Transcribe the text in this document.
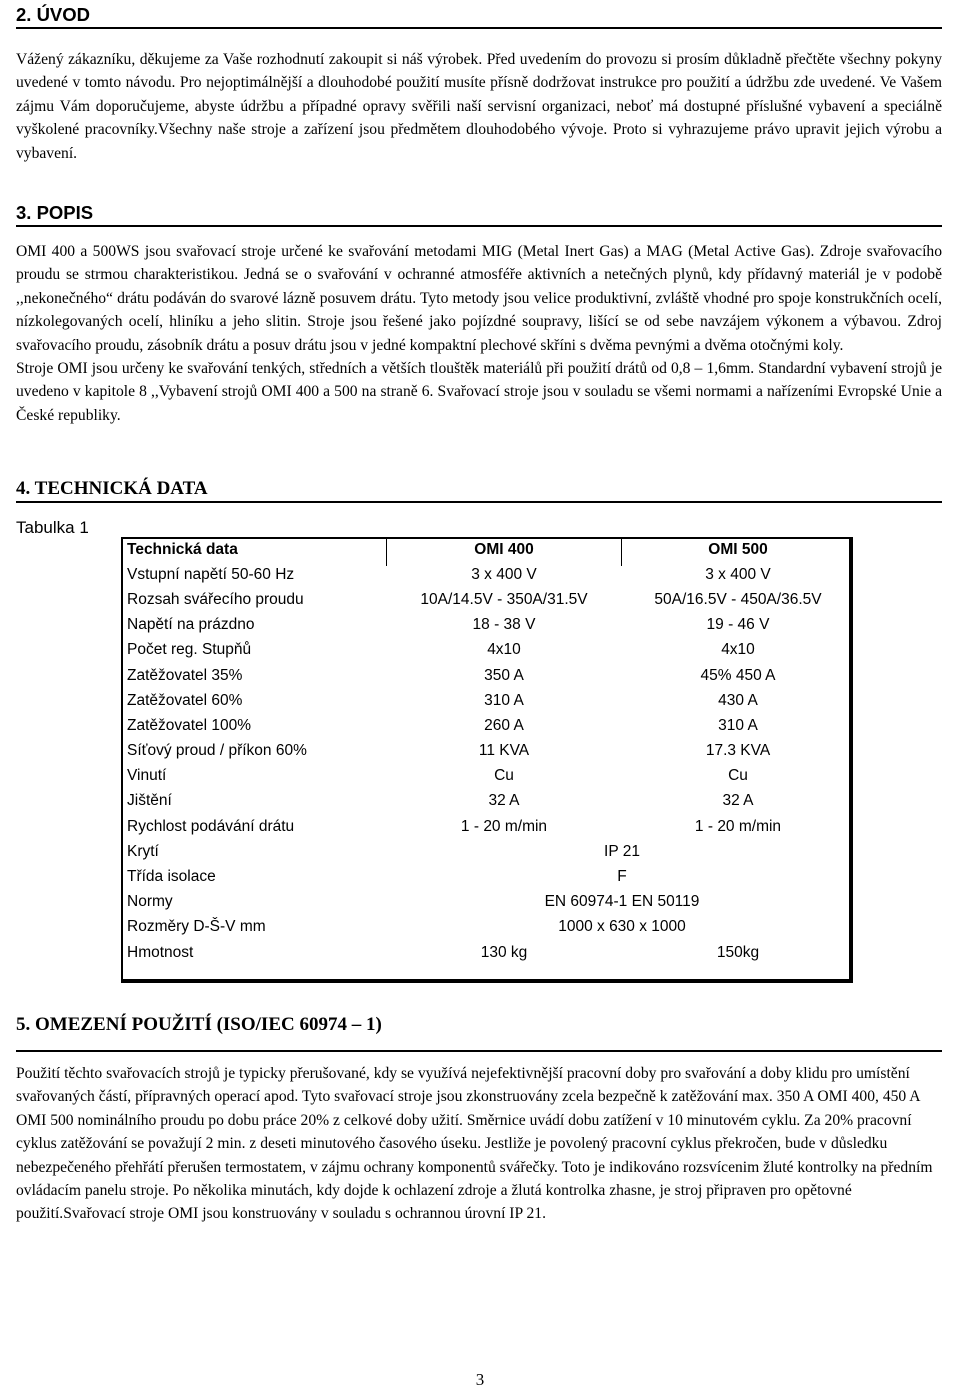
2. ÚVOD

Vážený zákazníku, děkujeme za Vaše rozhodnutí zakoupit si náš výrobek. Před uvedením do provozu si prosím důkladně přečtěte všechny pokyny uvedené v tomto návodu. Pro nejoptimálnější a dlouhodobé použití musíte přísně dodržovat instrukce pro použití a údržbu zde uvedené. Ve Vašem zájmu Vám doporučujeme, abyste údržbu a případné opravy svěřili naší servisní organizaci, neboť má dostupné příslušné vybavení a speciálně vyškolené pracovníky.Všechny naše stroje a zařízení jsou předmětem dlouhodobého vývoje. Proto si vyhrazujeme právo upravit jejich výrobu a vybavení.

3. POPIS

OMI 400 a 500WS jsou svařovací stroje určené ke svařování metodami MIG (Metal Inert Gas) a MAG (Metal Active Gas). Zdroje svařovacího proudu se strmou charakteristikou. Jedná se o svařování v ochranné atmosféře aktivních a netečných plynů, kdy přídavný materiál je v podobě ,,nekonečného“ drátu podáván do svarové lázně posuvem drátu. Tyto metody jsou velice produktivní, zvláště vhodné pro spoje konstrukčních ocelí, nízkolegovaných ocelí, hliníku a jeho slitin. Stroje jsou řešené jako pojízdné soupravy, lišící se od sebe navzájem výkonem a výbavou. Zdroj svařovacího proudu, zásobník drátu a posuv drátu jsou v jedné kompaktní plechové skříni s dvěma pevnými a dvěma otočnými koly.

Stroje OMI jsou určeny ke svařování tenkých, středních a větších tlouštěk materiálů při použití drátů od 0,8 – 1,6mm. Standardní vybavení strojů je uvedeno v kapitole 8 ,,Vybavení strojů OMI 400 a 500 na straně 6. Svařovací stroje jsou v souladu se všemi normami a nařízeními Evropské Unie a České republiky.

4. TECHNICKÁ DATA
Tabulka 1
Technická data	OMI 400	OMI 500
Vstupní napětí 50-60 Hz	3 x 400 V	3 x 400 V
Rozsah svářecího proudu	10A/14.5V - 350A/31.5V	50A/16.5V - 450A/36.5V
Napětí na prázdno	18 - 38 V	19 - 46 V
Počet reg. Stupňů	4x10	4x10
Zatěžovatel 35%	350 A	45% 450 A
Zatěžovatel 60%	310 A	430 A
Zatěžovatel 100%	260 A	310 A
Síťový proud / příkon 60%	11 KVA	17.3 KVA
Vinutí	Cu	Cu
Jištění	32 A	32 A
Rychlost podávání drátu	1 - 20 m/min	1 - 20 m/min
Krytí	IP 21	
Třída isolace	F	
Normy	EN 60974-1 EN 50119	
Rozměry D-Š-V mm	1000 x 630 x 1000	
Hmotnost	130 kg	150kg
5. OMEZENÍ POUŽITÍ (ISO/IEC 60974 – 1)

Použití těchto svařovacích strojů je typicky přerušované, kdy se využívá nejefektivnější pracovní doby pro svařování a doby klidu pro umístění svařovaných částí, přípravných operací apod. Tyto svařovací stroje jsou zkonstruovány zcela bezpečně k zatěžování max. 350 A OMI 400, 450 A OMI 500 nominálního proudu po dobu práce 20% z celkové doby užití. Směrnice uvádí dobu zatížení v 10 minutovém cyklu. Za 20% pracovní cyklus zatěžování se považují 2 min. z deseti minutového časového úseku. Jestliže je povolený pracovní cyklus překročen, bude v důsledku nebezpečeného přehřátí přerušen termostatem, v zájmu ochrany komponentů svářečky. Toto je indikováno rozsvícenim žluté kontrolky na předním ovládacím panelu stroje. Po několika minutách, kdy dojde k ochlazení zdroje a žlutá kontrolka zhasne, je stroj připraven pro opětovné použití.Svařovací stroje OMI jsou konstruovány v souladu s ochrannou úrovní IP 21.

3
